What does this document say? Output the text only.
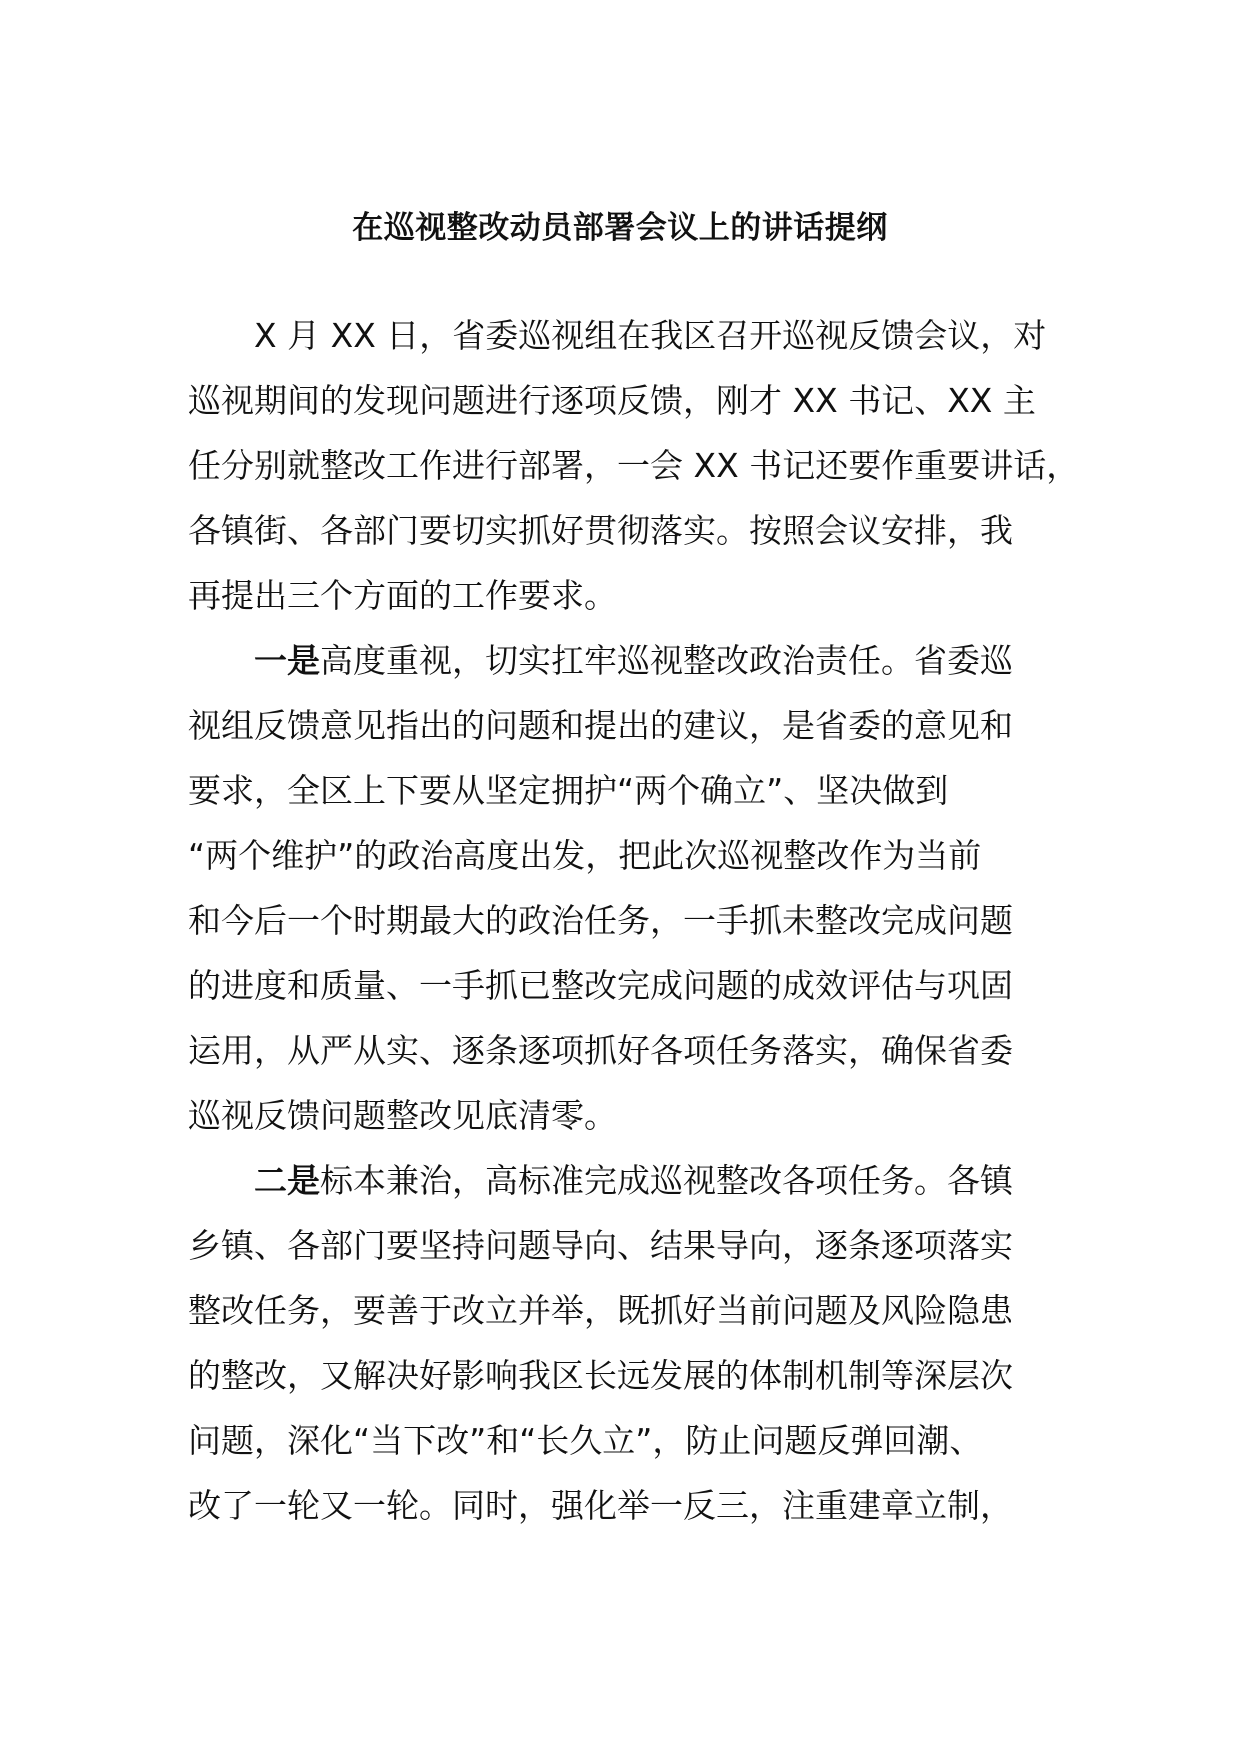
在巡视整改动员部署会议上的讲话提纲

X 月 XX 日，省委巡视组在我区召开巡视反馈会议，对
巡视期间的发现问题进行逐项反馈，刚才 XX 书记、XX 主
任分别就整改工作进行部署，一会 XX 书记还要作重要讲话，
各镇街、各部门要切实抓好贯彻落实。按照会议安排，我
再提出三个方面的工作要求。

一是高度重视，切实扛牢巡视整改政治责任。省委巡
视组反馈意见指出的问题和提出的建议，是省委的意见和
要求，全区上下要从坚定拥护“两个确立”、坚决做到
“两个维护”的政治高度出发，把此次巡视整改作为当前
和今后一个时期最大的政治任务，一手抓未整改完成问题
的进度和质量、一手抓已整改完成问题的成效评估与巩固
运用，从严从实、逐条逐项抓好各项任务落实，确保省委
巡视反馈问题整改见底清零。

二是标本兼治，高标准完成巡视整改各项任务。各镇
乡镇、各部门要坚持问题导向、结果导向，逐条逐项落实
整改任务，要善于改立并举，既抓好当前问题及风险隐患
的整改，又解决好影响我区长远发展的体制机制等深层次
问题，深化“当下改”和“长久立”，防止问题反弹回潮、
改了一轮又一轮。同时，强化举一反三，注重建章立制，
